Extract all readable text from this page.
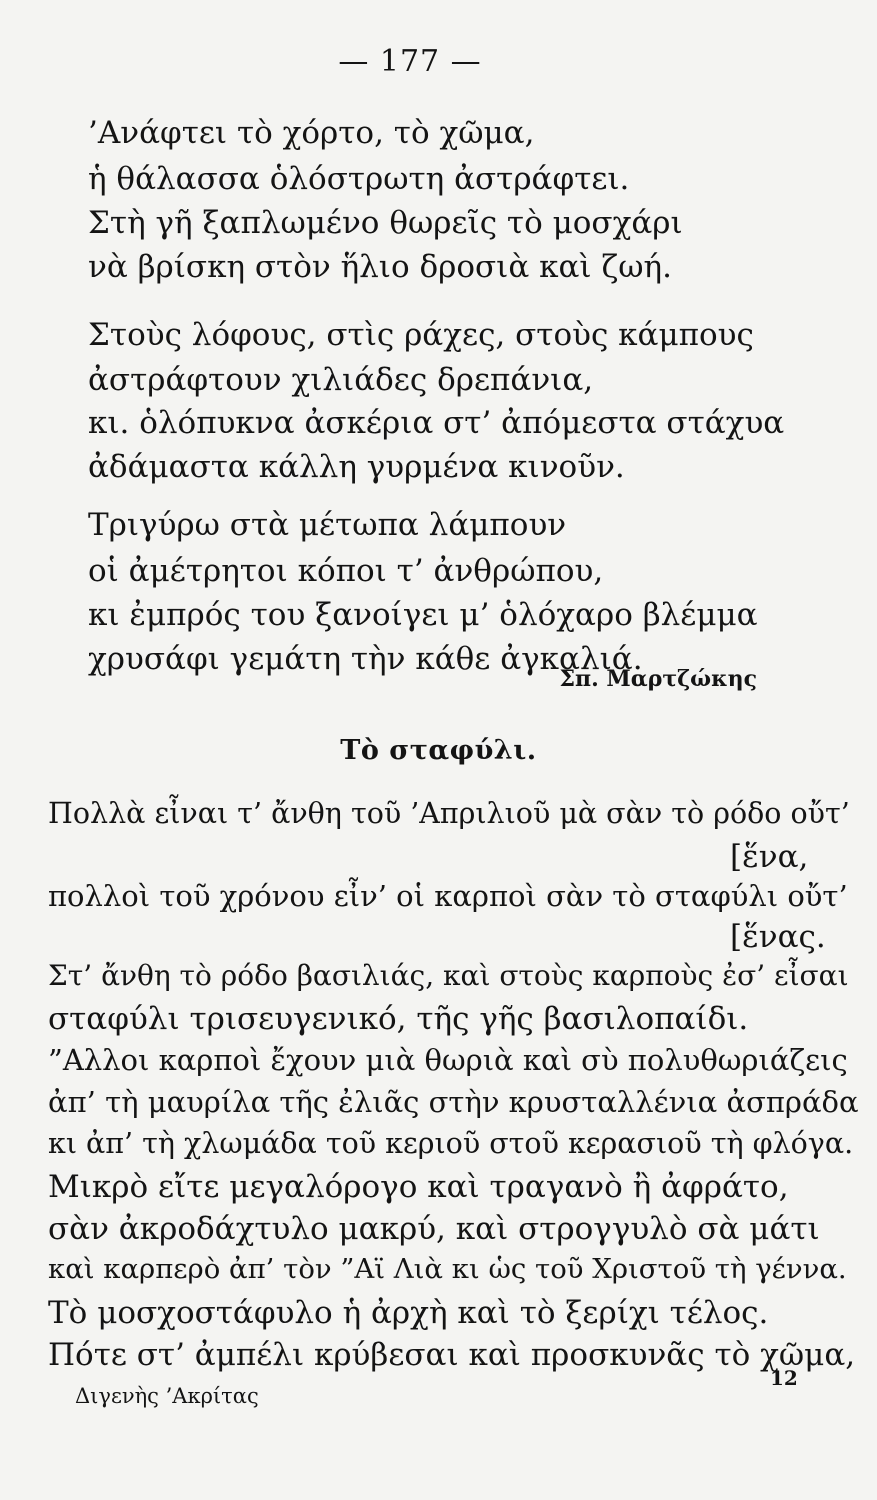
— 177 —
’Ανάφτει τὸ χόρτο, τὸ χῶμα,
ἡ θάλασσα ὁλόστρωτη ἀστράφτει.
Στὴ γῆ ξαπλωμένο θωρεῖς τὸ μοσχάρι
νὰ βρίσκη στὸν ἥλιο δροσιὰ καὶ ζωή.
Στοὺς λόφους, στὶς ράχες, στοὺς κάμπους
ἀστράφτουν χιλιάδες δρεπάνια,
κι. ὁλόπυκνα ἀσκέρια στ’ ἀπόμεστα στάχυα
ἀδάμαστα κάλλη γυρμένα κινοῦν.
Τριγύρω στὰ μέτωπα λάμπουν
οἱ ἀμέτρητοι κόποι τ’ ἀνθρώπου,
κι ἐμπρός του ξανοίγει μ’ ὁλόχαρο βλέμμα
χρυσάφι γεμάτη τὴν κάθε ἀγκαλιά.
Σπ. Μαρτζώκης
Τὸ σταφύλι.
Πολλὰ εἶναι τ’ ἄνθη τοῦ ’Απριλιοῦ μὰ σὰν τὸ ρόδο οὔτ’
[ἕνα,
πολλοὶ τοῦ χρόνου εἶν’ οἱ καρποὶ σὰν τὸ σταφύλι οὔτ’
[ἕνας.
Στ’ ἄνθη τὸ ρόδο βασιλιάς, καὶ στοὺς καρποὺς ἐσ’ εἶσαι
σταφύλι τρισευγενικό, τῆς γῆς βασιλοπαίδι.
”Αλλοι καρποὶ ἔχουν μιὰ θωριὰ καὶ σὺ πολυθωριάζεις
ἀπ’ τὴ μαυρίλα τῆς ἐλιᾶς στὴν κρυσταλλένια ἀσπράδα
κι ἀπ’ τὴ χλωμάδα τοῦ κεριοῦ στοῦ κερασιοῦ τὴ φλόγα.
Μικρὸ εἴτε μεγαλόρογο καὶ τραγανὸ ἢ ἀφράτο,
σὰν ἀκροδάχτυλο μακρύ, καὶ στρογγυλὸ σὰ μάτι
καὶ καρπερὸ ἀπ’ τὸν ”Αϊ Λιὰ κι ὡς τοῦ Χριστοῦ τὴ γέννα.
Τὸ μοσχοστάφυλο ἡ ἀρχὴ καὶ τὸ ξερίχι τέλος.
Πότε στ’ ἀμπέλι κρύβεσαι καὶ προσκυνᾶς τὸ χῶμα,
Διγενὴς ’Ακρίτας
12
